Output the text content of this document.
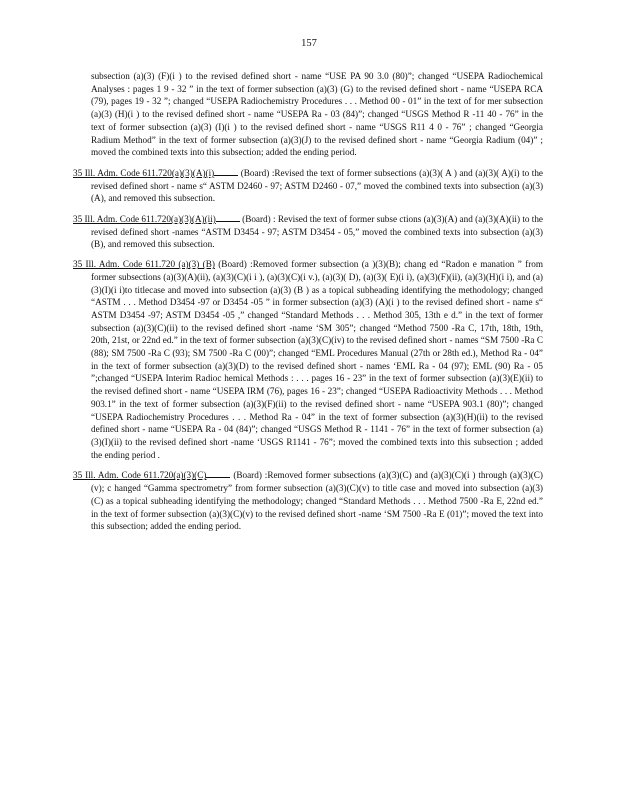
157

subsection (a)(3) (F)(i ) to the revised defined short - name “USE PA 90 3.0 (80)”; changed “USEPA Radiochemical Analyses : pages 1 9 - 32 ” in the text of former subsection (a)(3) (G) to the revised defined short - name “USEPA RCA (79), pages 19 - 32 ”; changed “USEPA Radiochemistry Procedures . . . Method 00 - 01” in the text of for mer subsection (a)(3) (H)(i ) to the revised defined short - name “USEPA Ra - 03 (84)”; changed “USGS Method R -11 40 - 76” in the text of former subsection (a)(3) (I)(i ) to the revised defined short - name “USGS R11 4 0 - 76” ; changed “Georgia Radium Method” in the text of former subsection (a)(3)(J) to the revised defined short - name “Georgia Radium (04)” ; moved the combined texts into this subsection; added the ending period.

35 Ill. Adm. Code 611.720(a)(3)(A)(i)	(Board) :Revised the text of former subsections (a)(3)( A ) and (a)(3)( A)(i) to the revised defined short - name s“ ASTM D2460 - 97; ASTM D2460 - 07,” moved the combined texts into subsection (a)(3)(A), and removed this subsection.

35 Ill. Adm. Code 611.720(a)(3)(A)(ii)	(Board) : Revised the text of former subse ctions (a)(3)(A) and (a)(3)(A)(ii) to the revised defined short -names “ASTM D3454 - 97; ASTM D3454 - 05,” moved the combined texts into subsection (a)(3)(B), and removed this subsection.

35 Ill. Adm. Code 611.720 (a)(3) (B) (Board) :Removed former subsection (a )(3)(B); chang ed “Radon e manation ” from former subsections (a)(3)(A)(ii), (a)(3)(C)(i i ), (a)(3)(C)(i v.), (a)(3)( D), (a)(3)( E)(i i), (a)(3)(F)(ii), (a)(3)(H)(i i), and (a)(3)(I)(i i)to titlecase and moved into subsection (a)(3) (B ) as a topical subheading identifying the methodology; changed “ASTM . . . Method D3454 -97 or D3454 -05 ” in former subsection (a)(3) (A)(i ) to the revised defined short - name s“ ASTM D3454 -97; ASTM D3454 -05 ,” changed “Standard Methods . . . Method 305, 13th e d.” in the text of former subsection (a)(3)(C)(ii) to the revised defined short -name ‘SM 305”; changed “Method 7500 -Ra C, 17th, 18th, 19th, 20th, 21st, or 22nd ed.” in the text of former subsection (a)(3)(C)(iv) to the revised defined short - names “SM 7500 -Ra C (88); SM 7500 -Ra C (93); SM 7500 -Ra C (00)”; changed “EML Procedures Manual (27th or 28th ed.), Method Ra - 04” in the text of former subsection (a)(3)(D) to the revised defined short - names ‘EML Ra - 04 (97); EML (90) Ra - 05 ”;changed “USEPA Interim Radioc hemical Methods : . . . pages 16 - 23” in the text of former subsection (a)(3)(E)(ii) to the revised defined short - name “USEPA IRM (76), pages 16 - 23”; changed “USEPA Radioactivity Methods . . . Method 903.1” in the text of former subsection (a)(3)(F)(ii) to the revised defined short - name “USEPA 903.1 (80)”; changed “USEPA Radiochemistry Procedures . . . Method Ra - 04” in the text of former subsection (a)(3)(H)(ii) to the revised defined short - name “USEPA Ra - 04 (84)”; changed “USGS Method R - 1141 - 76” in the text of former subsection (a)(3)(I)(ii) to the revised defined short -name ‘USGS R1141 - 76”; moved the combined texts into this subsection ; added the ending period .

35 Ill. Adm. Code 611.720(a)(3)(C)	(Board) :Removed former subsections (a)(3)(C) and (a)(3)(C)(i ) through (a)(3)(C)(v); c hanged “Gamma spectrometry” from former subsection (a)(3)(C)(v) to title case and moved into subsection (a)(3)(C) as a topical subheading identifying the methodology; changed “Standard Methods . . . Method 7500 -Ra E, 22nd ed.” in the text of former subsection (a)(3)(C)(v) to the revised defined short -name ‘SM 7500 -Ra E (01)”; moved the text into this subsection; added the ending period.
